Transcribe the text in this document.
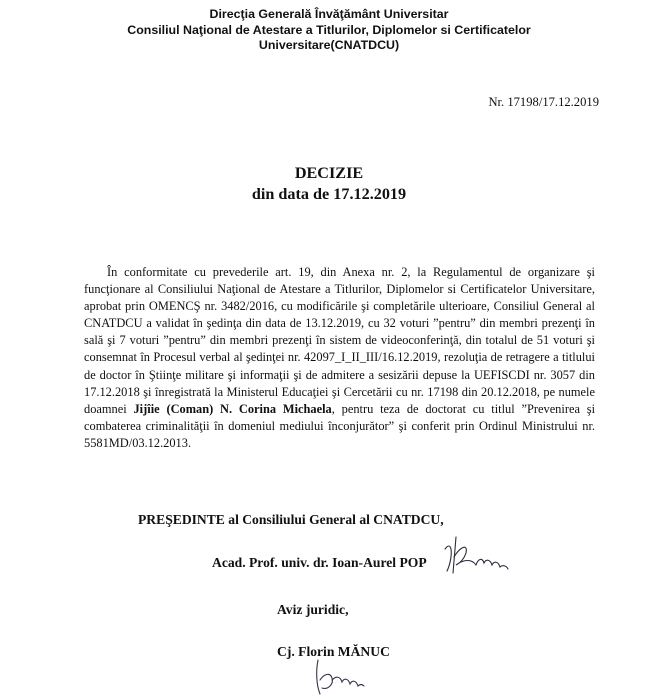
Direcţia Generală Învăţământ Universitar
Consiliul Naţional de Atestare a Titlurilor, Diplomelor si Certificatelor
Universitare(CNATDCU)
Nr. 17198/17.12.2019
DECIZIE
din data de 17.12.2019
În conformitate cu prevederile art. 19, din Anexa nr. 2, la Regulamentul de organizare şi funcţionare al Consiliului Naţional de Atestare a Titlurilor, Diplomelor si Certificatelor Universitare, aprobat prin OMENCŞ nr. 3482/2016, cu modificările şi completările ulterioare, Consiliul General al CNATDCU a validat în şedinţa din data de 13.12.2019, cu 32 voturi ”pentru” din membri prezenţi în sală şi 7 voturi ”pentru” din membri prezenţi în sistem de videoconferinţă, din totalul de 51 voturi şi consemnat în Procesul verbal al şedinţei nr. 42097_I_II_III/16.12.2019, rezoluţia de retragere a titlului de doctor în Ştiinţe militare şi informaţii şi de admitere a sesizării depuse la UEFISCDI nr. 3057 din 17.12.2018 şi înregistrată la Ministerul Educaţiei şi Cercetării cu nr. 17198 din 20.12.2018, pe numele doamnei Jijîie (Coman) N. Corina Michaela, pentru teza de doctorat cu titlul ”Prevenirea şi combaterea criminalităţii în domeniul mediului înconjurător” şi conferit prin Ordinul Ministrului nr. 5581MD/03.12.2013.
PREŞEDINTE al Consiliului General al CNATDCU,
Acad. Prof. univ. dr. Ioan-Aurel POP
Aviz juridic,
Cj. Florin MĂNUC
